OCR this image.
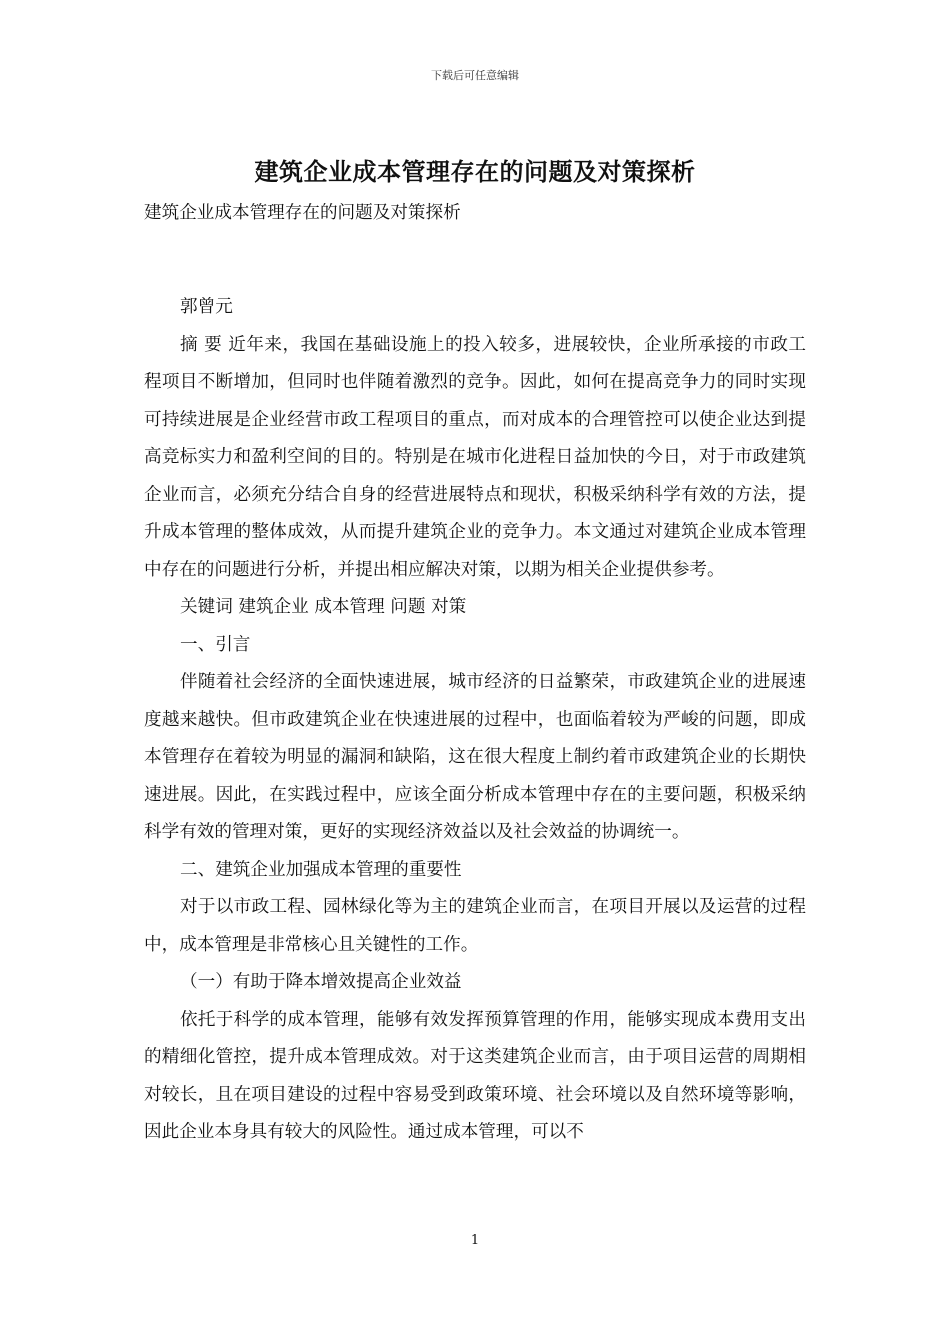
下载后可任意编辑
建筑企业成本管理存在的问题及对策探析

建筑企业成本管理存在的问题及对策探析

郭曾元

摘 要 近年来，我国在基础设施上的投入较多，进展较快，企业所承接的市政工程项目不断增加，但同时也伴随着激烈的竞争。因此，如何在提高竞争力的同时实现可持续进展是企业经营市政工程项目的重点，而对成本的合理管控可以使企业达到提高竞标实力和盈利空间的目的。特别是在城市化进程日益加快的今日，对于市政建筑企业而言，必须充分结合自身的经营进展特点和现状，积极采纳科学有效的方法，提升成本管理的整体成效，从而提升建筑企业的竞争力。本文通过对建筑企业成本管理中存在的问题进行分析，并提出相应解决对策，以期为相关企业提供参考。

关键词 建筑企业 成本管理 问题 对策

一、引言

伴随着社会经济的全面快速进展，城市经济的日益繁荣，市政建筑企业的进展速度越来越快。但市政建筑企业在快速进展的过程中，也面临着较为严峻的问题，即成本管理存在着较为明显的漏洞和缺陷，这在很大程度上制约着市政建筑企业的长期快速进展。因此，在实践过程中，应该全面分析成本管理中存在的主要问题，积极采纳科学有效的管理对策，更好的实现经济效益以及社会效益的协调统一。

二、建筑企业加强成本管理的重要性

对于以市政工程、园林绿化等为主的建筑企业而言，在项目开展以及运营的过程中，成本管理是非常核心且关键性的工作。

（一）有助于降本增效提高企业效益

依托于科学的成本管理，能够有效发挥预算管理的作用，能够实现成本费用支出的精细化管控，提升成本管理成效。对于这类建筑企业而言，由于项目运营的周期相对较长，且在项目建设的过程中容易受到政策环境、社会环境以及自然环境等影响，因此企业本身具有较大的风险性。通过成本管理，可以不

1
